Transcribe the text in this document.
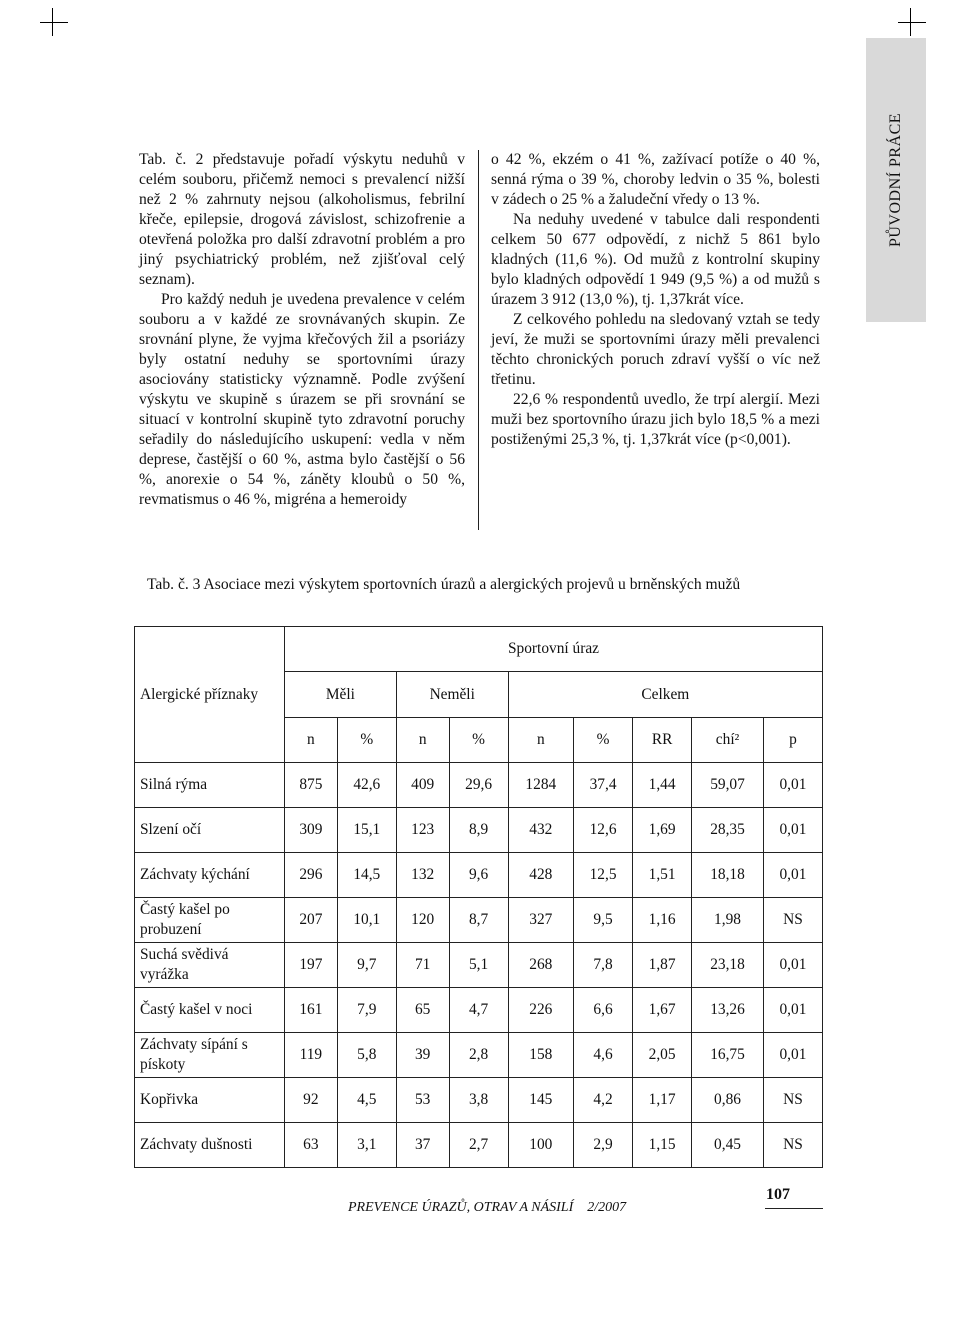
PŮVODNÍ PRÁCE

Tab. č. 2 představuje pořadí výskytu neduhů v celém souboru, přičemž nemoci s prevalencí nižší než 2 % zahrnuty nejsou (alkoholismus, febrilní křeče, epilepsie, drogová závislost, schizofrenie a otevřená položka pro další zdravotní problém a pro jiný psychiatrický problém, než zjišťoval celý seznam).

Pro každý neduh je uvedena prevalence v celém souboru a v každé ze srovnávaných skupin. Ze srovnání plyne, že vyjma křečových žil a psoriázy byly ostatní neduhy se sportovními úrazy asociovány statisticky významně. Podle zvýšení výskytu ve skupině s úrazem se při srovnání se situací v kontrolní skupině tyto zdravotní poruchy seřadily do následujícího uskupení: vedla v něm deprese, častější o 60 %, astma bylo častější o 56 %, anorexie o 54 %, záněty kloubů o 50 %, revmatismus o 46 %, migréna a hemeroidy

o 42 %, ekzém o 41 %, zažívací potíže o 40 %, senná rýma o 39 %, choroby ledvin o 35 %, bolesti v zádech o 25 % a žaludeční vředy o 13 %.

Na neduhy uvedené v tabulce dali respondenti celkem 50 677 odpovědí, z nichž 5 861 bylo kladných (11,6 %). Od mužů z kontrolní skupiny bylo kladných odpovědí 1 949 (9,5 %) a od mužů s úrazem 3 912 (13,0 %), tj. 1,37krát více.

Z celkového pohledu na sledovaný vztah se tedy jeví, že muži se sportovními úrazy měli prevalenci těchto chronických poruch zdraví vyšší o víc než třetinu.

22,6 % respondentů uvedlo, že trpí alergií. Mezi muži bez sportovního úrazu jich bylo 18,5 % a mezi postiženými 25,3 %, tj. 1,37krát více (p<0,001).

Tab. č. 3 Asociace mezi výskytem sportovních úrazů a alergických projevů u brněnských mužů
Alergické příznaky	Sportovní úraz								
	Měli		Neměli		Celkem				
	n	%	n	%	n	%	RR	chí²	p
Silná rýma	875	42,6	409	29,6	1284	37,4	1,44	59,07	0,01
Slzení očí	309	15,1	123	8,9	432	12,6	1,69	28,35	0,01
Záchvaty kýchání	296	14,5	132	9,6	428	12,5	1,51	18,18	0,01
Častý kašel po probuzení	207	10,1	120	8,7	327	9,5	1,16	1,98	NS
Suchá svědivá vyrážka	197	9,7	71	5,1	268	7,8	1,87	23,18	0,01
Častý kašel v noci	161	7,9	65	4,7	226	6,6	1,67	13,26	0,01
Záchvaty sípání s pískoty	119	5,8	39	2,8	158	4,6	2,05	16,75	0,01
Kopřivka	92	4,5	53	3,8	145	4,2	1,17	0,86	NS
Záchvaty dušnosti	63	3,1	37	2,7	100	2,9	1,15	0,45	NS
PREVENCE ÚRAZŮ, OTRAV A NÁSILÍ    2/2007
107
